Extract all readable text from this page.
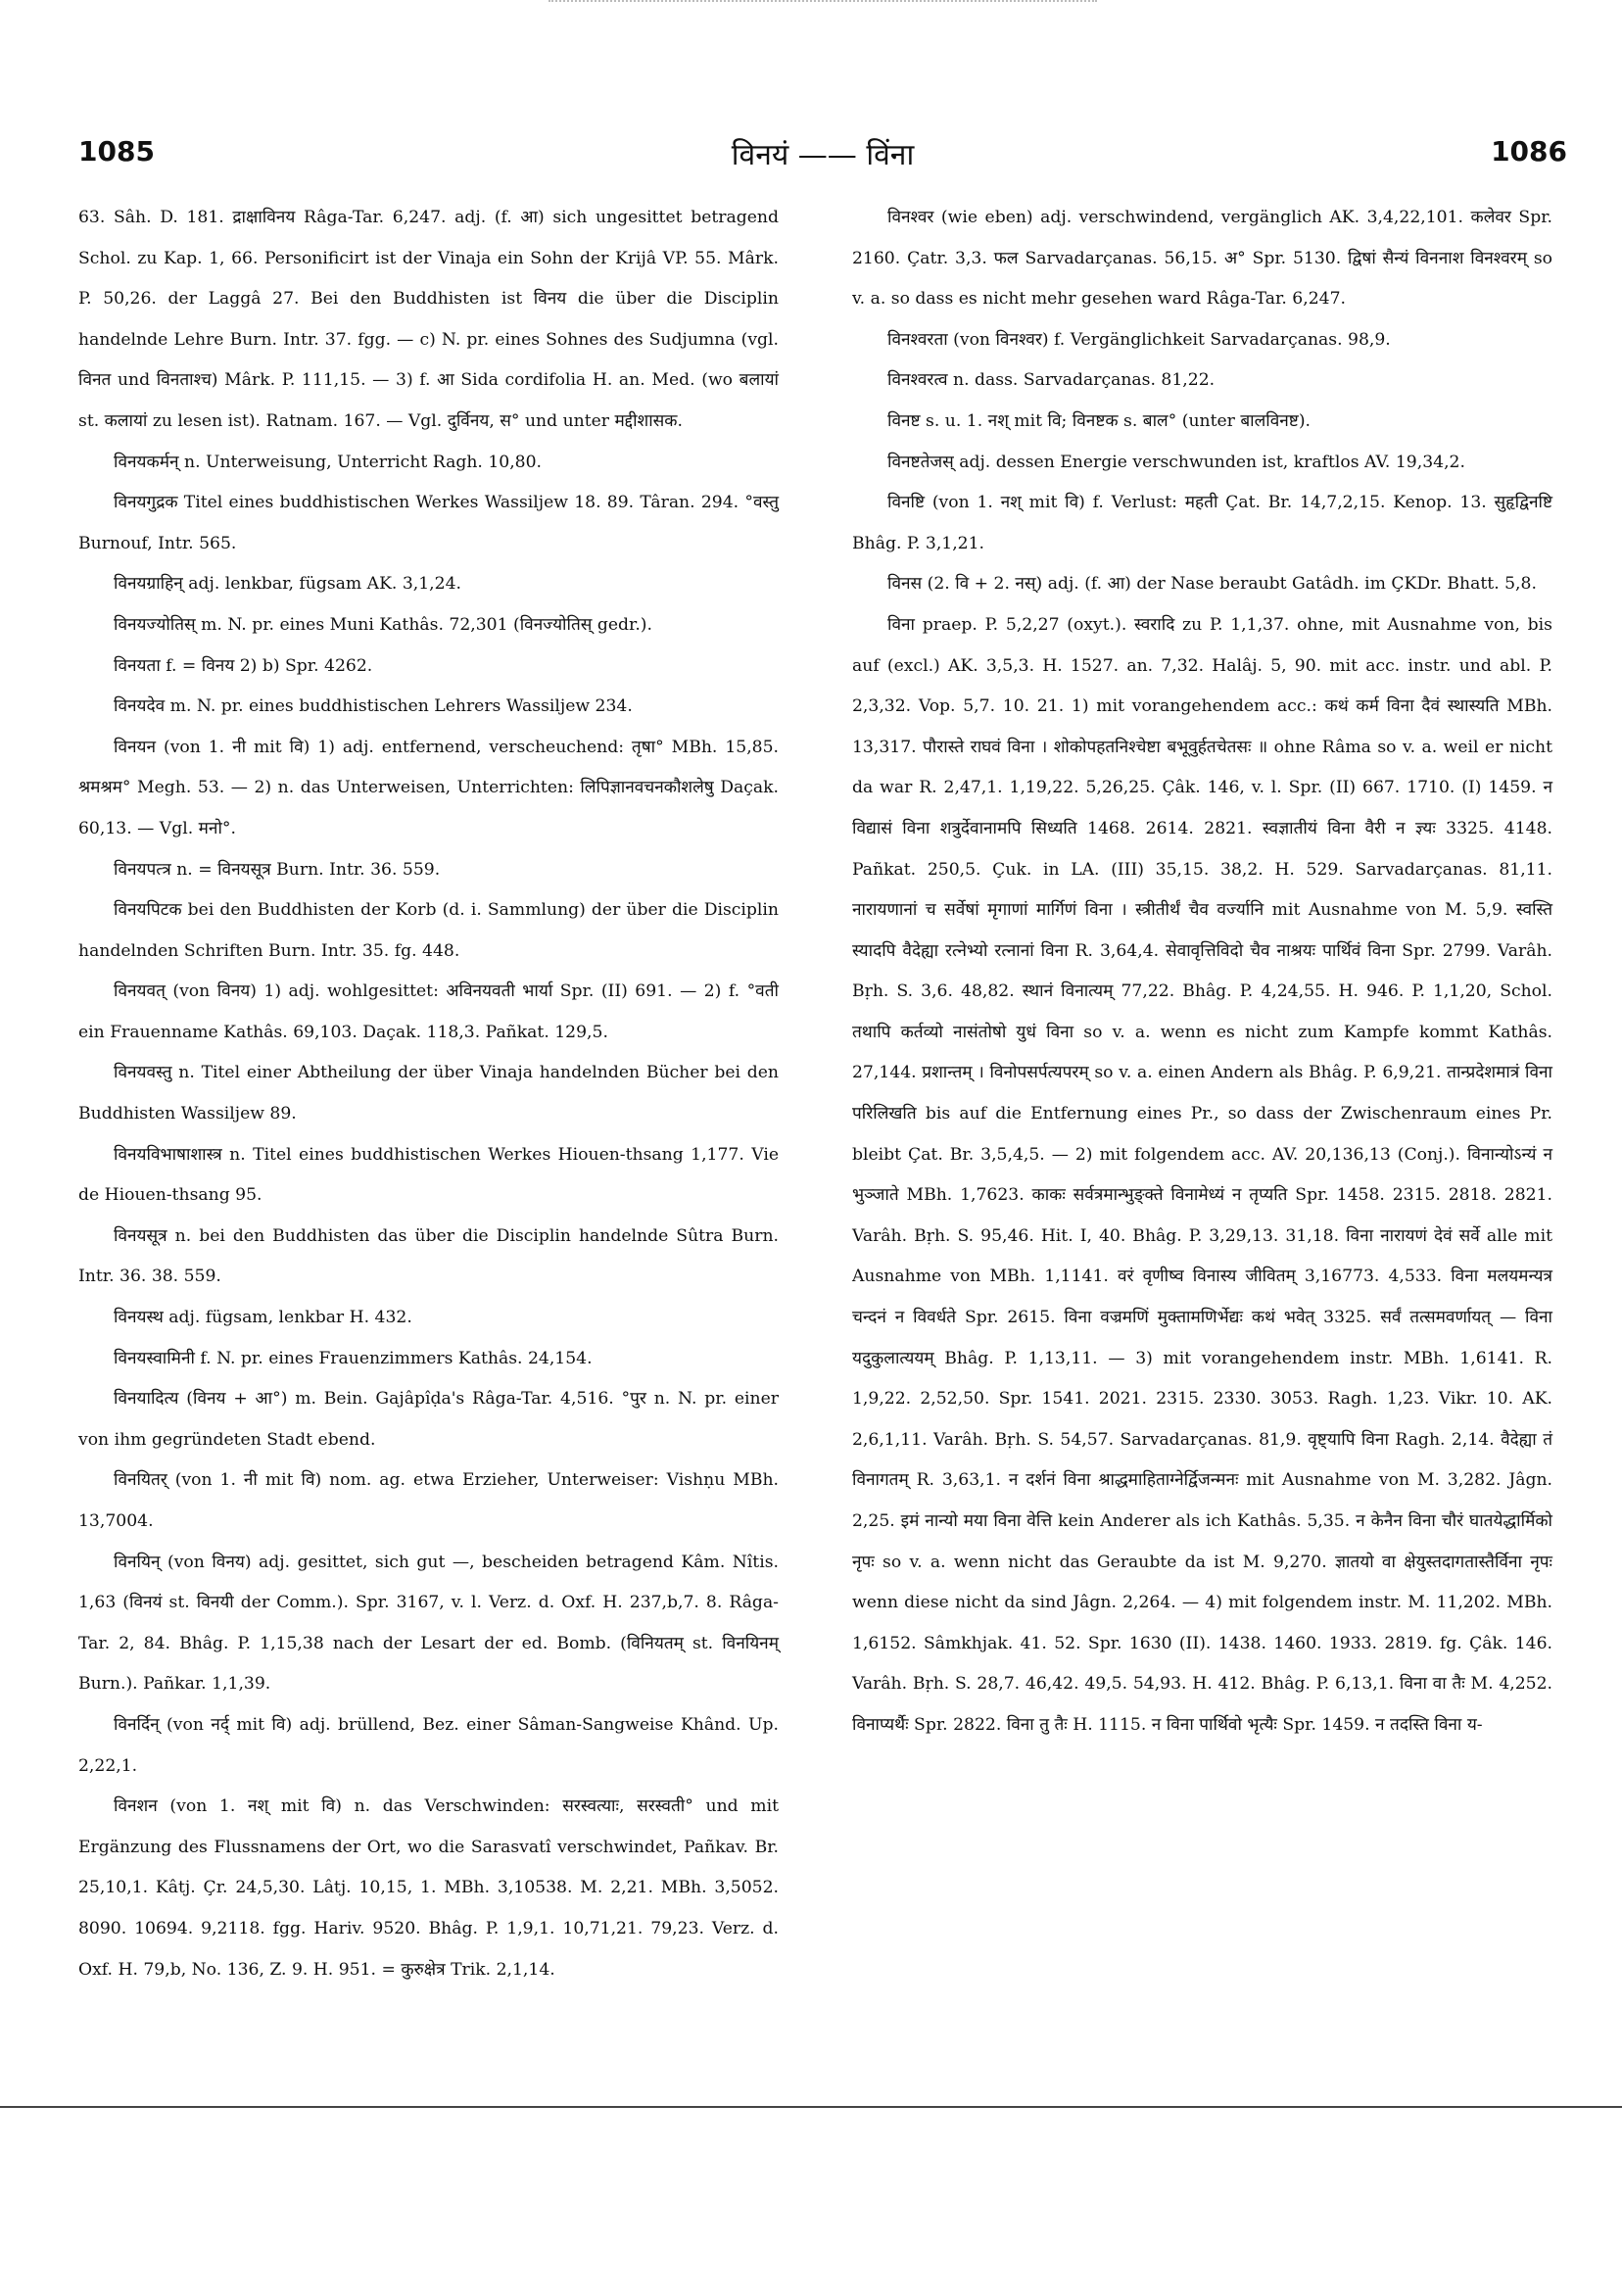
1085	विनयं —— विंना	1086

63. Sâh. D. 181. द्राक्षाविनय Râga-Tar. 6,247. adj. (f. आ) sich ungesittet betragend Schol. zu Kap. 1, 66. Personificirt ist der Vinaja ein Sohn der Krijâ VP. 55. Mârk. P. 50,26. der Laggâ 27. Bei den Buddhisten ist विनय die über die Disciplin handelnde Lehre Burn. Intr. 37. fgg. — c) N. pr. eines Sohnes des Sudjumna (vgl. विनत und विनताश्च) Mârk. P. 111,15. — 3) f. आ Sida cordifolia H. an. Med. (wo बलायां st. कलायां zu lesen ist). Ratnam. 167. — Vgl. दुर्विनय, स° und unter मद्दीशासक.

विनयकर्मन् n. Unterweisung, Unterricht Ragh. 10,80.

विनयगुद्रक Titel eines buddhistischen Werkes Wassiljew 18. 89. Târan. 294. °वस्तु Burnouf, Intr. 565.

विनयग्राहिन् adj. lenkbar, fügsam AK. 3,1,24.

विनयज्योतिस् m. N. pr. eines Muni Kathâs. 72,301 (विनज्योतिस् gedr.).

विनयता f. = विनय 2) b) Spr. 4262.

विनयदेव m. N. pr. eines buddhistischen Lehrers Wassiljew 234.

विनयन (von 1. नी mit वि) 1) adj. entfernend, verscheuchend: तृषा° MBh. 15,85. श्रमश्रम° Megh. 53. — 2) n. das Unterweisen, Unterrichten: लिपिज्ञानवचनकौशलेषु Daçak. 60,13. — Vgl. मनो°.

विनयपत्त्र n. = विनयसूत्र Burn. Intr. 36. 559.

विनयपिटक bei den Buddhisten der Korb (d. i. Sammlung) der über die Disciplin handelnden Schriften Burn. Intr. 35. fg. 448.

विनयवत् (von विनय) 1) adj. wohlgesittet: अविनयवती भार्या Spr. (II) 691. — 2) f. °वती ein Frauenname Kathâs. 69,103. Daçak. 118,3. Pañkat. 129,5.

विनयवस्तु n. Titel einer Abtheilung der über Vinaja handelnden Bücher bei den Buddhisten Wassiljew 89.

विनयविभाषाशास्त्र n. Titel eines buddhistischen Werkes Hiouen-thsang 1,177. Vie de Hiouen-thsang 95.

विनयसूत्र n. bei den Buddhisten das über die Disciplin handelnde Sûtra Burn. Intr. 36. 38. 559.

विनयस्थ adj. fügsam, lenkbar H. 432.

विनयस्वामिनी f. N. pr. eines Frauenzimmers Kathâs. 24,154.

विनयादित्य (विनय + आ°) m. Bein. Gajâpîḍa's Râga-Tar. 4,516. °पुर n. N. pr. einer von ihm gegründeten Stadt ebend.

विनयितर् (von 1. नी mit वि) nom. ag. etwa Erzieher, Unterweiser: Vishṇu MBh. 13,7004.

विनयिन् (von विनय) adj. gesittet, sich gut —, bescheiden betragend Kâm. Nîtis. 1,63 (विनयं st. विनयी der Comm.). Spr. 3167, v. l. Verz. d. Oxf. H. 237,b,7. 8. Râga-Tar. 2, 84. Bhâg. P. 1,15,38 nach der Lesart der ed. Bomb. (विनियतम् st. विनयिनम् Burn.). Pañkar. 1,1,39.

विनर्दिन् (von नर्द् mit वि) adj. brüllend, Bez. einer Sâman-Sangweise Khând. Up. 2,22,1.

विनशन (von 1. नश् mit वि) n. das Verschwinden: सरस्वत्याः, सरस्वती° und mit Ergänzung des Flussnamens der Ort, wo die Sarasvatî verschwindet, Pañkav. Br. 25,10,1. Kâtj. Çr. 24,5,30. Lâtj. 10,15, 1. MBh. 3,10538. M. 2,21. MBh. 3,5052. 8090. 10694. 9,2118. fgg. Hariv. 9520. Bhâg. P. 1,9,1. 10,71,21. 79,23. Verz. d. Oxf. H. 79,b, No. 136, Z. 9. H. 951. = कुरुक्षेत्र Trik. 2,1,14.

विनश्वर (wie eben) adj. verschwindend, vergänglich AK. 3,4,22,101. कलेवर Spr. 2160. Çatr. 3,3. फल Sarvadarçanas. 56,15. अ° Spr. 5130. द्विषां सैन्यं विननाश विनश्वरम् so v. a. so dass es nicht mehr gesehen ward Râga-Tar. 6,247.

विनश्वरता (von विनश्वर) f. Vergänglichkeit Sarvadarçanas. 98,9.

विनश्वरत्व n. dass. Sarvadarçanas. 81,22.

विनष्ट s. u. 1. नश् mit वि; विनष्टक s. बाल° (unter बालविनष्ट).

विनष्टतेजस् adj. dessen Energie verschwunden ist, kraftlos AV. 19,34,2.

विनष्टि (von 1. नश् mit वि) f. Verlust: महती Çat. Br. 14,7,2,15. Kenop. 13. सुहृद्विनष्टि Bhâg. P. 3,1,21.

विनस (2. वि + 2. नस्) adj. (f. आ) der Nase beraubt Gatâdh. im ÇKDr. Bhatt. 5,8.

विना praep. P. 5,2,27 (oxyt.). स्वरादि zu P. 1,1,37. ohne, mit Ausnahme von, bis auf (excl.) AK. 3,5,3. H. 1527. an. 7,32. Halâj. 5, 90. mit acc. instr. und abl. P. 2,3,32. Vop. 5,7. 10. 21. 1) mit vorangehendem acc.: कथं कर्म विना दैवं स्थास्यति MBh. 13,317. पौरास्ते राघवं विना । शोकोपहतनिश्चेष्टा बभूवुर्हतचेतसः ॥ ohne Râma so v. a. weil er nicht da war R. 2,47,1. 1,19,22. 5,26,25. Çâk. 146, v. l. Spr. (II) 667. 1710. (I) 1459. न विद्यासं विना शत्रुर्देवानामपि सिध्यति 1468. 2614. 2821. स्वज्ञातीयं विना वैरी न ज्ञ्यः 3325. 4148. Pañkat. 250,5. Çuk. in LA. (III) 35,15. 38,2. H. 529. Sarvadarçanas. 81,11. नारायणानां च सर्वेषां मृगाणां मार्गिणं विना । स्त्रीतीर्थं चैव वर्ज्यानि mit Ausnahme von M. 5,9. स्वस्ति स्यादपि वैदेह्या रत्नेभ्यो रत्नानां विना R. 3,64,4. सेवावृत्तिविदो चैव नाश्रयः पार्थिवं विना Spr. 2799. Varâh. Bṛh. S. 3,6. 48,82. स्थानं विनात्यम् 77,22. Bhâg. P. 4,24,55. H. 946. P. 1,1,20, Schol. तथापि कर्तव्यो नासंतोषो युधं विना so v. a. wenn es nicht zum Kampfe kommt Kathâs. 27,144. प्रशान्तम् । विनोपसर्पत्यपरम् so v. a. einen Andern als Bhâg. P. 6,9,21. तान्प्रदेशमात्रं विना परिलिखति bis auf die Entfernung eines Pr., so dass der Zwischenraum eines Pr. bleibt Çat. Br. 3,5,4,5. — 2) mit folgendem acc. AV. 20,136,13 (Conj.). विनान्योऽन्यं न भुञ्जाते MBh. 1,7623. काकः सर्वत्रमान्भुङ्क्ते विनामेध्यं न तृप्यति Spr. 1458. 2315. 2818. 2821. Varâh. Bṛh. S. 95,46. Hit. I, 40. Bhâg. P. 3,29,13. 31,18. विना नारायणं देवं सर्वे alle mit Ausnahme von MBh. 1,1141. वरं वृणीष्व विनास्य जीवितम् 3,16773. 4,533. विना मलयमन्यत्र चन्दनं न विवर्धते Spr. 2615. विना वज्रमणिं मुक्तामणिर्भेद्यः कथं भवेत् 3325. सर्वं तत्समवर्णायत् — विना यदुकुलात्ययम् Bhâg. P. 1,13,11. — 3) mit vorangehendem instr. MBh. 1,6141. R. 1,9,22. 2,52,50. Spr. 1541. 2021. 2315. 2330. 3053. Ragh. 1,23. Vikr. 10. AK. 2,6,1,11. Varâh. Bṛh. S. 54,57. Sarvadarçanas. 81,9. वृष्ट्यापि विना Ragh. 2,14. वैदेह्या तं विनागतम् R. 3,63,1. न दर्शनं विना श्राद्धमाहिताग्नेर्द्विजन्मनः mit Ausnahme von M. 3,282. Jâgn. 2,25. इमं नान्यो मया विना वेत्ति kein Anderer als ich Kathâs. 5,35. न केनैन विना चौरं घातयेद्धार्मिको नृपः so v. a. wenn nicht das Geraubte da ist M. 9,270. ज्ञातयो वा क्षेयुस्तदागतास्तैर्विना नृपः wenn diese nicht da sind Jâgn. 2,264. — 4) mit folgendem instr. M. 11,202. MBh. 1,6152. Sâmkhjak. 41. 52. Spr. 1630 (II). 1438. 1460. 1933. 2819. fg. Çâk. 146. Varâh. Bṛh. S. 28,7. 46,42. 49,5. 54,93. H. 412. Bhâg. P. 6,13,1. विना वा तैः M. 4,252. विनाप्यर्थैः Spr. 2822. विना तु तैः H. 1115. न विना पार्थिवो भृत्यैः Spr. 1459. न तदस्ति विना य-
